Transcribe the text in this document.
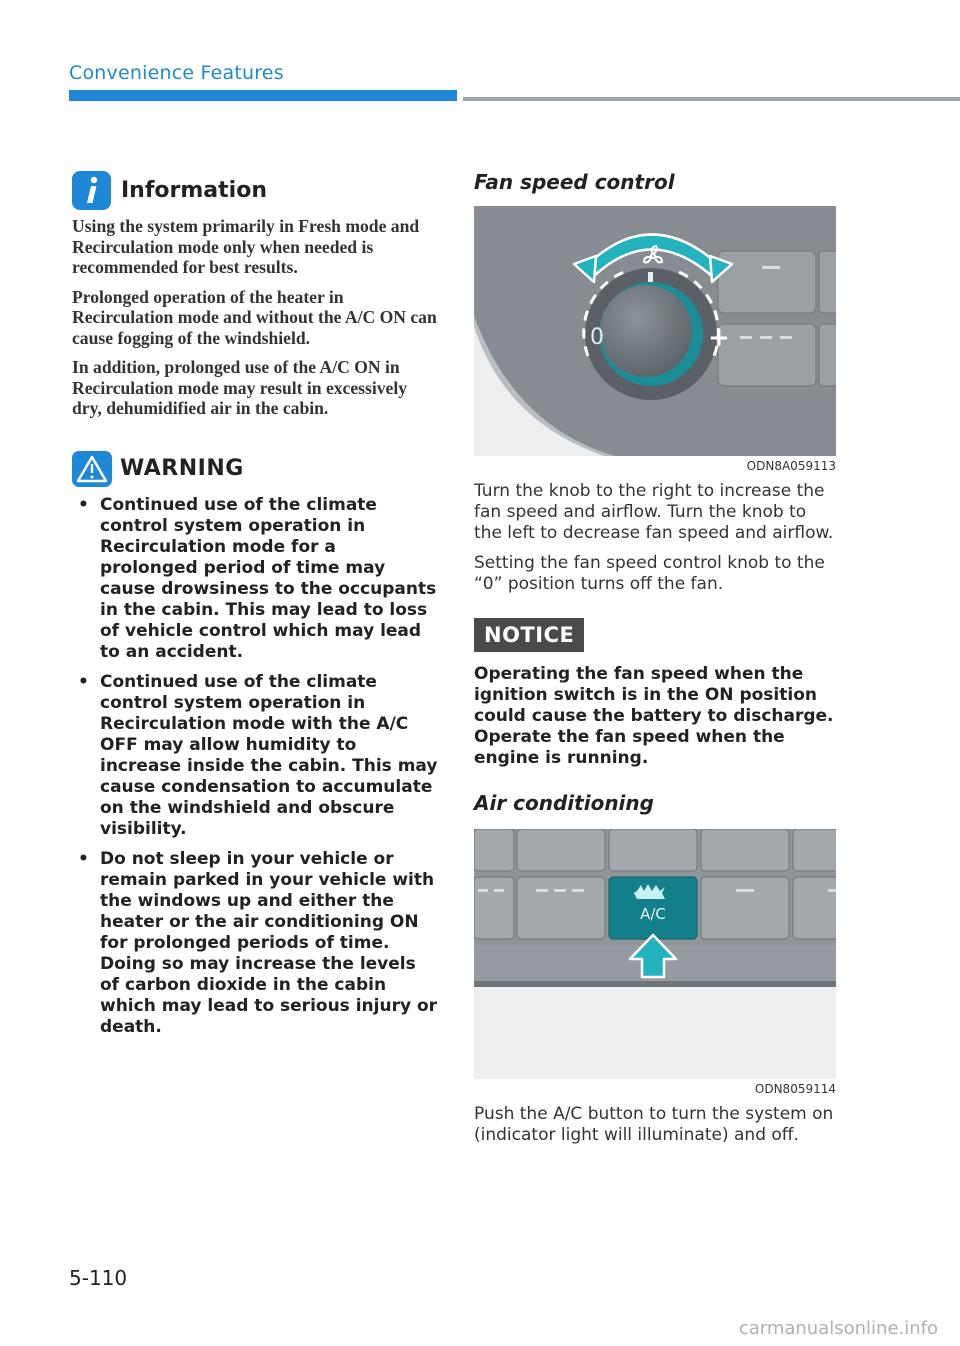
Convenience Features
Information

Using the system primarily in Fresh mode and Recirculation mode only when needed is recommended for best results.

Prolonged operation of the heater in Recirculation mode and without the A/C ON can cause fogging of the windshield.

In addition, prolonged use of the A/C ON in Recirculation mode may result in excessively dry, dehumidified air in the cabin.

WARNING
• Continued use of the climate control system operation in Recirculation mode for a prolonged period of time may cause drowsiness to the occupants in the cabin. This may lead to loss of vehicle control which may lead to an accident.
• Continued use of the climate control system operation in Recirculation mode with the A/C OFF may allow humidity to increase inside the cabin. This may cause condensation to accumulate on the windshield and obscure visibility.
• Do not sleep in your vehicle or remain parked in your vehicle with the windows up and either the heater or the air conditioning ON for prolonged periods of time. Doing so may increase the levels of carbon dioxide in the cabin which may lead to serious injury or death.
Fan speed control
0	+
ODN8A059113

Turn the knob to the right to increase the fan speed and airflow. Turn the knob to the left to decrease fan speed and airflow.

Setting the fan speed control knob to the “0” position turns off the fan.

NOTICE
Operating the fan speed when the ignition switch is in the ON position could cause the battery to discharge. Operate the fan speed when the engine is running.
Air conditioning
A/C
ODN8059114

Push the A/C button to turn the system on (indicator light will illuminate) and off.

5-110
carmanualsonline.info
